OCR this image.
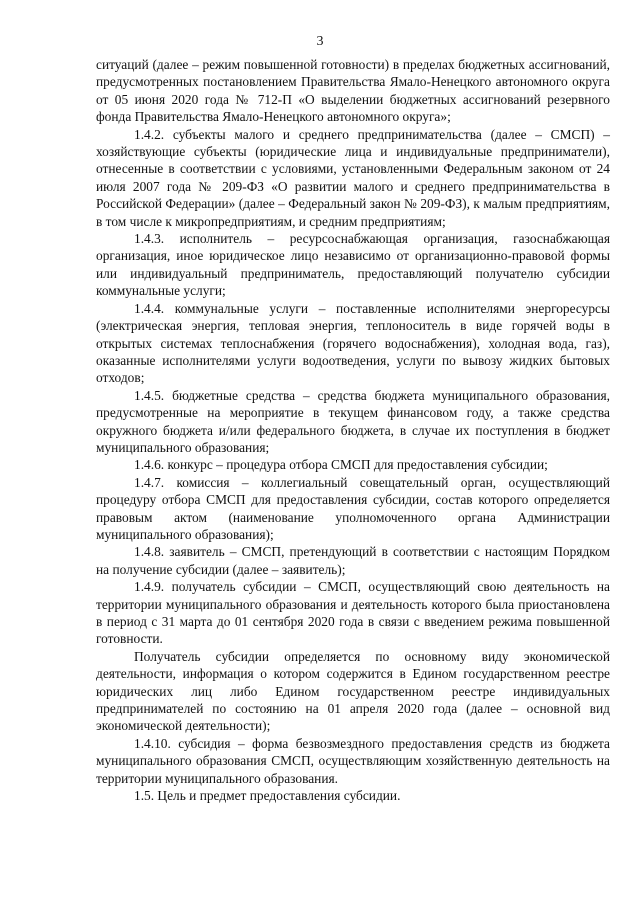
3

ситуаций (далее – режим повышенной готовности) в пределах бюджетных ассигнований, предусмотренных постановлением Правительства Ямало-Ненецкого автономного округа от 05 июня 2020 года № 712-П «О выделении бюджетных ассигнований резервного фонда Правительства Ямало-Ненецкого автономного округа»;

1.4.2. субъекты малого и среднего предпринимательства (далее – СМСП) – хозяйствующие субъекты (юридические лица и индивидуальные предприниматели), отнесенные в соответствии с условиями, установленными Федеральным законом от 24 июля 2007 года № 209-ФЗ «О развитии малого и среднего предпринимательства в Российской Федерации» (далее – Федеральный закон № 209-ФЗ), к малым предприятиям, в том числе к микропредприятиям, и средним предприятиям;

1.4.3. исполнитель – ресурсоснабжающая организация, газоснабжающая организация, иное юридическое лицо независимо от организационно-правовой формы или индивидуальный предприниматель, предоставляющий получателю субсидии коммунальные услуги;

1.4.4. коммунальные услуги – поставленные исполнителями энергоресурсы (электрическая энергия, тепловая энергия, теплоноситель в виде горячей воды в открытых системах теплоснабжения (горячего водоснабжения), холодная вода, газ), оказанные исполнителями услуги водоотведения, услуги по вывозу жидких бытовых отходов;

1.4.5. бюджетные средства – средства бюджета муниципального образования, предусмотренные на мероприятие в текущем финансовом году, а также средства окружного бюджета и/или федерального бюджета, в случае их поступления в бюджет муниципального образования;

1.4.6. конкурс – процедура отбора СМСП для предоставления субсидии;

1.4.7. комиссия – коллегиальный совещательный орган, осуществляющий процедуру отбора СМСП для предоставления субсидии, состав которого определяется правовым актом (наименование уполномоченного органа Администрации муниципального образования);

1.4.8. заявитель – СМСП, претендующий в соответствии с настоящим Порядком на получение субсидии (далее – заявитель);

1.4.9. получатель субсидии – СМСП, осуществляющий свою деятельность на территории муниципального образования и деятельность которого была приостановлена в период с 31 марта до 01 сентября 2020 года в связи с введением режима повышенной готовности.

Получатель субсидии определяется по основному виду экономической деятельности, информация о котором содержится в Едином государственном реестре юридических лиц либо Едином государственном реестре индивидуальных предпринимателей по состоянию на 01 апреля 2020 года (далее – основной вид экономической деятельности);

1.4.10. субсидия – форма безвозмездного предоставления средств из бюджета муниципального образования СМСП, осуществляющим хозяйственную деятельность на территории муниципального образования.

1.5. Цель и предмет предоставления субсидии.
